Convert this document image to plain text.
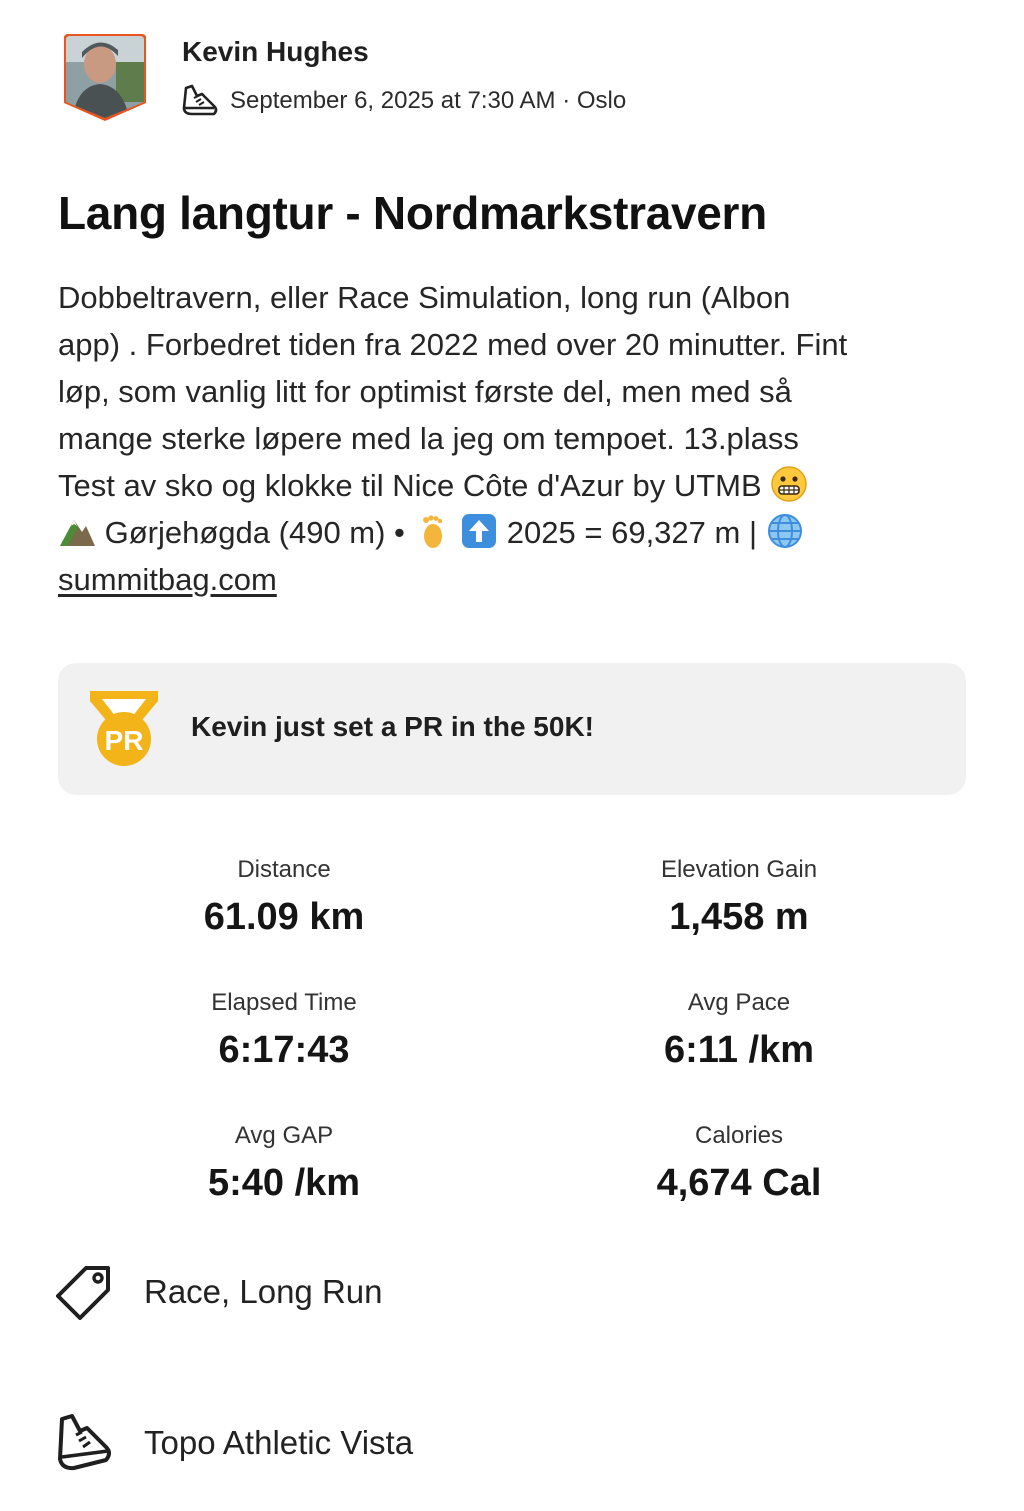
Kevin Hughes
September 6, 2025 at 7:30 AM · Oslo
Lang langtur - Nordmarkstravern
Dobbeltravern, eller Race Simulation, long run (Albon
app) . Forbedret tiden fra 2022 med over 20 minutter. Fint
løp, som vanlig litt for optimist første del, men med så
mange sterke løpere med la jeg om tempoet. 13.plass
Test av sko og klokke til Nice Côte d'Azur by UTMB
Gørjehøgda (490 m) •	2025 = 69,327 m |
summitbag.com
PR Kevin just set a PR in the 50K!
Distance
61.09 km
Elevation Gain
1,458 m
Elapsed Time
6:17:43
Avg Pace
6:11 /km
Avg GAP
5:40 /km
Calories
4,674 Cal
Race, Long Run
Topo Athletic Vista
